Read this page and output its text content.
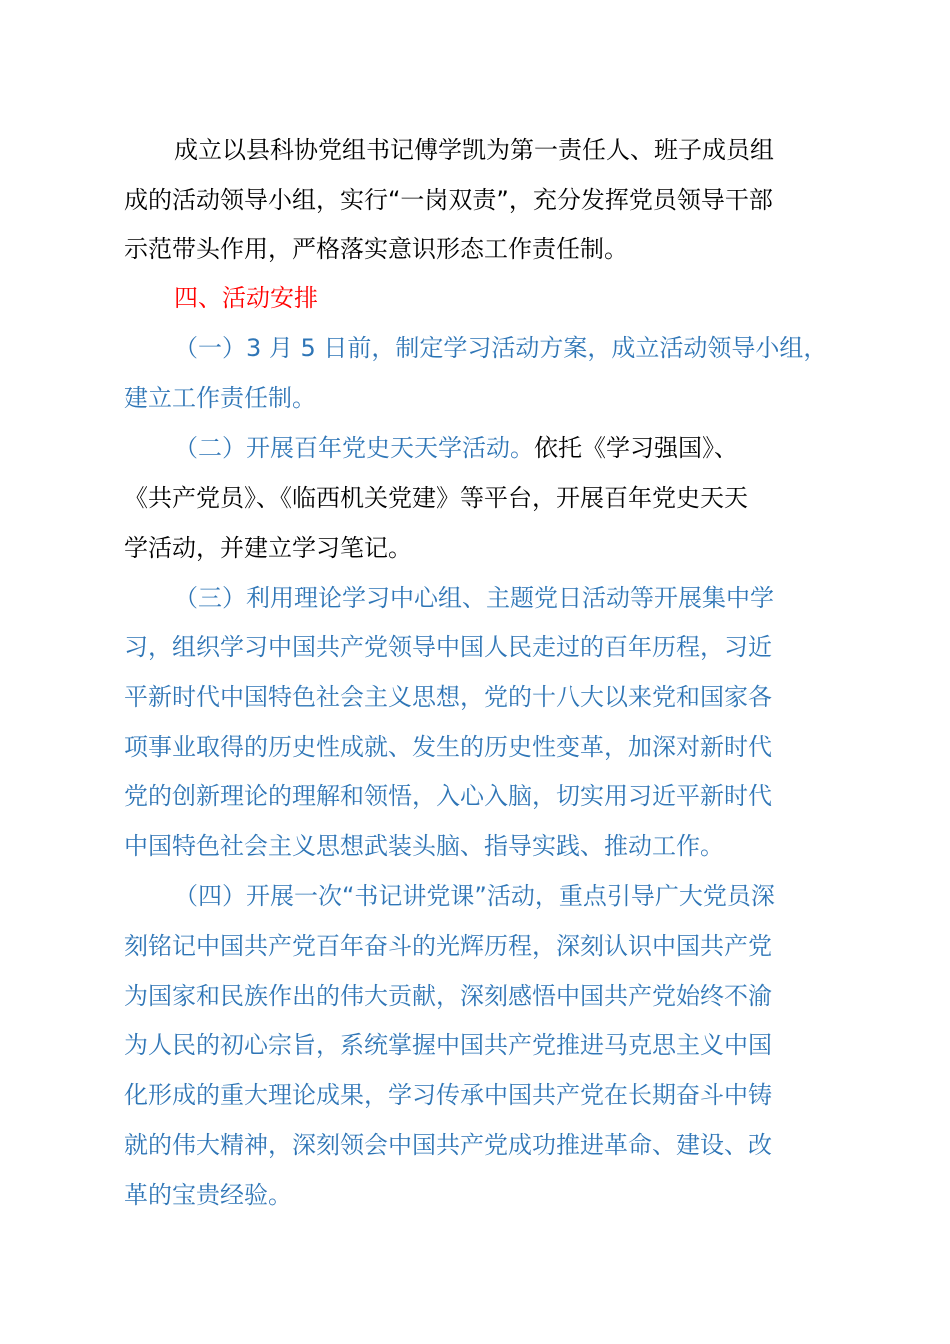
成立以县科协党组书记傅学凯为第一责任人、班子成员组
成的活动领导小组，实行“一岗双责”，充分发挥党员领导干部
示范带头作用，严格落实意识形态工作责任制。
四、活动安排
（一）3 月 5 日前，制定学习活动方案，成立活动领导小组，
建立工作责任制。
（二）开展百年党史天天学活动。依托《学习强国》、
《共产党员》、《临西机关党建》等平台，开展百年党史天天
学活动，并建立学习笔记。
（三）利用理论学习中心组、主题党日活动等开展集中学
习，组织学习中国共产党领导中国人民走过的百年历程，习近
平新时代中国特色社会主义思想，党的十八大以来党和国家各
项事业取得的历史性成就、发生的历史性变革，加深对新时代
党的创新理论的理解和领悟，入心入脑，切实用习近平新时代
中国特色社会主义思想武装头脑、指导实践、推动工作。
（四）开展一次“书记讲党课”活动，重点引导广大党员深
刻铭记中国共产党百年奋斗的光辉历程，深刻认识中国共产党
为国家和民族作出的伟大贡献，深刻感悟中国共产党始终不渝
为人民的初心宗旨，系统掌握中国共产党推进马克思主义中国
化形成的重大理论成果，学习传承中国共产党在长期奋斗中铸
就的伟大精神，深刻领会中国共产党成功推进革命、建设、改
革的宝贵经验。
